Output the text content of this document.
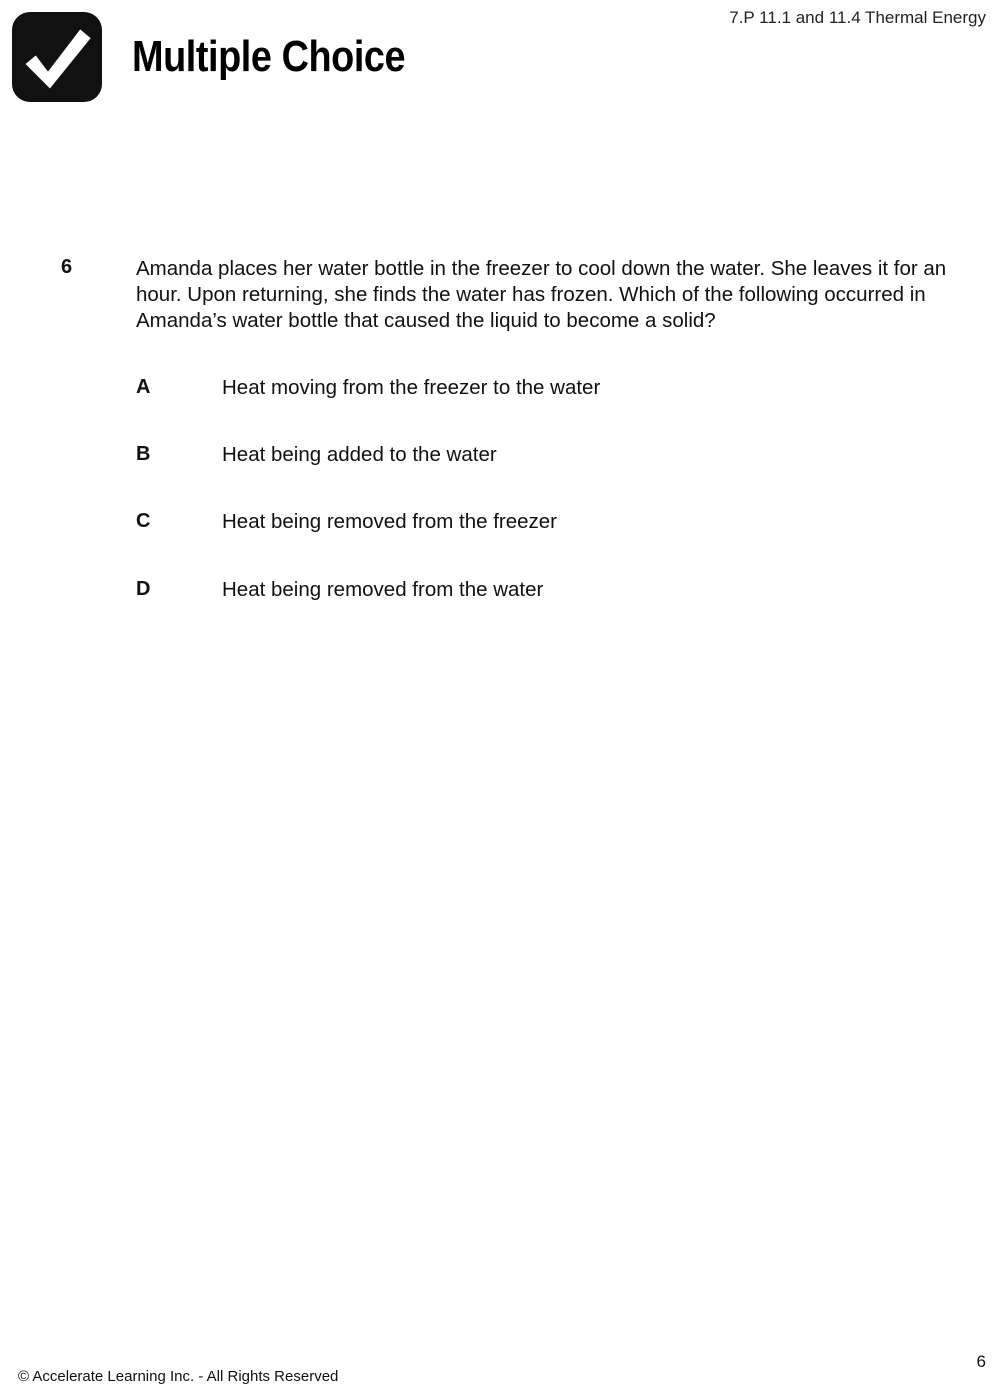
7.P 11.1 and 11.4 Thermal Energy
Multiple Choice
6	Amanda places her water bottle in the freezer to cool down the water. She leaves it for an hour. Upon returning, she finds the water has frozen. Which of the following occurred in Amanda’s water bottle that caused the liquid to become a solid?
A	Heat moving from the freezer to the water
B	Heat being added to the water
C	Heat being removed from the freezer
D	Heat being removed from the water
6
© Accelerate Learning Inc. - All Rights Reserved
